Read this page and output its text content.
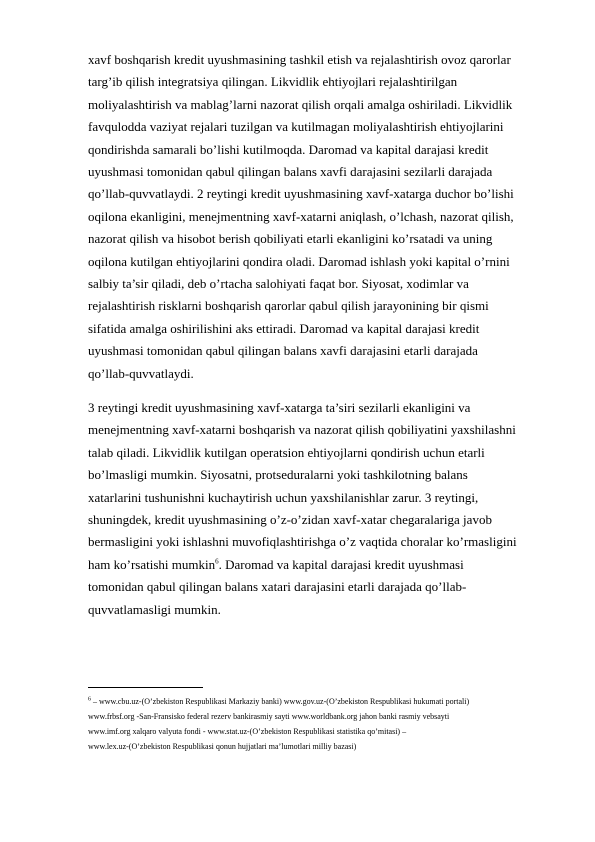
xavf boshqarish kredit uyushmasining tashkil etish va rejalashtirish ovoz qarorlar
targ’ib qilish integratsiya qilingan. Likvidlik ehtiyojlari rejalashtirilgan
moliyalashtirish va mablag’larni nazorat qilish orqali amalga oshiriladi. Likvidlik
favqulodda vaziyat rejalari tuzilgan va kutilmagan moliyalashtirish ehtiyojlarini
qondirishda samarali bo’lishi kutilmoqda. Daromad va kapital darajasi kredit
uyushmasi tomonidan qabul qilingan balans xavfi darajasini sezilarli darajada
qo’llab-quvvatlaydi. 2 reytingi kredit uyushmasining xavf-xatarga duchor bo’lishi
oqilona ekanligini, menejmentning xavf-xatarni aniqlash, o’lchash, nazorat qilish,
nazorat qilish va hisobot berish qobiliyati etarli ekanligini ko’rsatadi va uning
oqilona kutilgan ehtiyojlarini qondira oladi. Daromad ishlash yoki kapital o’rnini
salbiy ta’sir qiladi, deb o’rtacha salohiyati faqat bor. Siyosat, xodimlar va
rejalashtirish risklarni boshqarish qarorlar qabul qilish jarayonining bir qismi
sifatida amalga oshirilishini aks ettiradi. Daromad va kapital darajasi kredit
uyushmasi tomonidan qabul qilingan balans xavfi darajasini etarli darajada
qo’llab-quvvatlaydi.

3 reytingi kredit uyushmasining xavf-xatarga ta’siri sezilarli ekanligini va
menejmentning xavf-xatarni boshqarish va nazorat qilish qobiliyatini yaxshilashni
talab qiladi. Likvidlik kutilgan operatsion ehtiyojlarni qondirish uchun etarli
bo’lmasligi mumkin. Siyosatni, protseduralarni yoki tashkilotning balans
xatarlarini tushunishni kuchaytirish uchun yaxshilanishlar zarur. 3 reytingi,
shuningdek, kredit uyushmasining o’z-o’zidan xavf-xatar chegaralariga javob
bermasligini yoki ishlashni muvofiqlashtirishga o’z vaqtida choralar ko’rmasligini
ham ko’rsatishi mumkin$^6$. Daromad va kapital darajasi kredit uyushmasi
tomonidan qabul qilingan balans xatari darajasini etarli darajada qo’llab-
quvvatlamasligi mumkin.

$^6$ – www.cbu.uz-(O’zbekiston Respublikasi Markaziy banki) www.gov.uz-(O’zbekiston Respublikasi hukumati portali)
www.frbsf.org -San-Fransisko federal rezerv bankirasmiy sayti www.worldbank.org jahon banki rasmiy vebsayti
www.imf.org xalqaro valyuta fondi - www.stat.uz-(O’zbekiston Respublikasi statistika qo’mitasi) –
www.lex.uz-(O’zbekiston Respublikasi qonun hujjatlari ma’lumotlari milliy bazasi)
